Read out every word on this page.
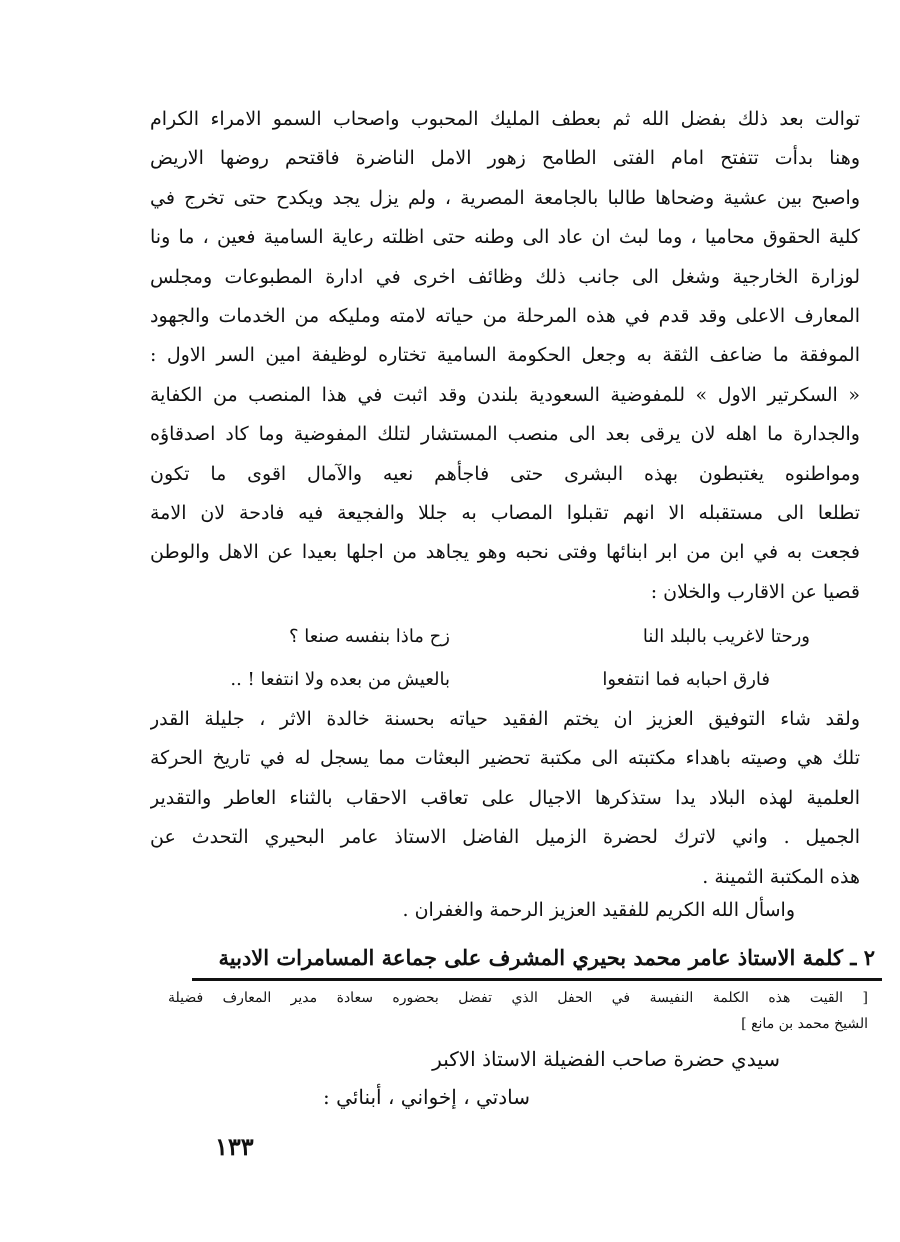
توالت بعد ذلك بفضل الله ثم بعطف المليك المحبوب واصحاب السمو الامراء الكرام
وهنا بدأت تتفتح امام الفتى الطامح زهور الامل الناضرة فاقتحم روضها الاريض
واصبح بين عشية وضحاها طالبا بالجامعة المصرية ، ولم يزل يجد ويكدح حتى تخرج في
كلية الحقوق محاميا ، وما لبث ان عاد الى وطنه حتى اظلته رعاية السامية فعين ، ما ونا
لوزارة الخارجية وشغل الى جانب ذلك وظائف اخرى في ادارة المطبوعات ومجلس
المعارف الاعلى وقد قدم في هذه المرحلة من حياته لامته ومليكه من الخدمات والجهود
الموفقة ما ضاعف الثقة به وجعل الحكومة السامية تختاره لوظيفة امين السر الاول :
« السكرتير الاول » للمفوضية السعودية بلندن وقد اثبت في هذا المنصب من الكفاية
والجدارة ما اهله لان يرقى بعد الى منصب المستشار لتلك المفوضية وما كاد اصدقاؤه
ومواطنوه يغتبطون بهذه البشرى حتى فاجأهم نعيه والآمال اقوى ما تكون
تطلعا الى مستقبله الا انهم تقبلوا المصاب به جللا والفجيعة فيه فادحة لان الامة
فجعت به في ابن من ابر ابنائها وفتى نحبه وهو يجاهد من اجلها بعيدا عن الاهل والوطن
قصيا عن الاقارب والخلان :
ورحتا لاغريب بالبلد النا
زح ماذا بنفسه صنعا ؟
فارق احبابه فما انتفعوا
بالعيش من بعده ولا انتفعا ! ..
ولقد شاء التوفيق العزيز ان يختم الفقيد حياته بحسنة خالدة الاثر ، جليلة القدر
تلك هي وصيته باهداء مكتبته الى مكتبة تحضير البعثات مما يسجل له في تاريخ الحركة
العلمية لهذه البلاد يدا ستذكرها الاجيال على تعاقب الاحقاب بالثناء العاطر والتقدير
الجميل . واني لاترك لحضرة الزميل الفاضل الاستاذ عامر البحيري التحدث عن
هذه المكتبة الثمينة .
واسأل الله الكريم للفقيد العزيز الرحمة والغفران .
٢ ـ كلمة الاستاذ عامر محمد بحيري المشرف على جماعة المسامرات الادبية
[ القيت هذه الكلمة النفيسة في الحفل الذي تفضل بحضوره سعادة مدير المعارف فضيلة
الشيخ محمد بن مانع ]
سيدي حضرة صاحب الفضيلة الاستاذ الاكبر
سادتي ، إخواني ، أبنائي :
١٣٣
